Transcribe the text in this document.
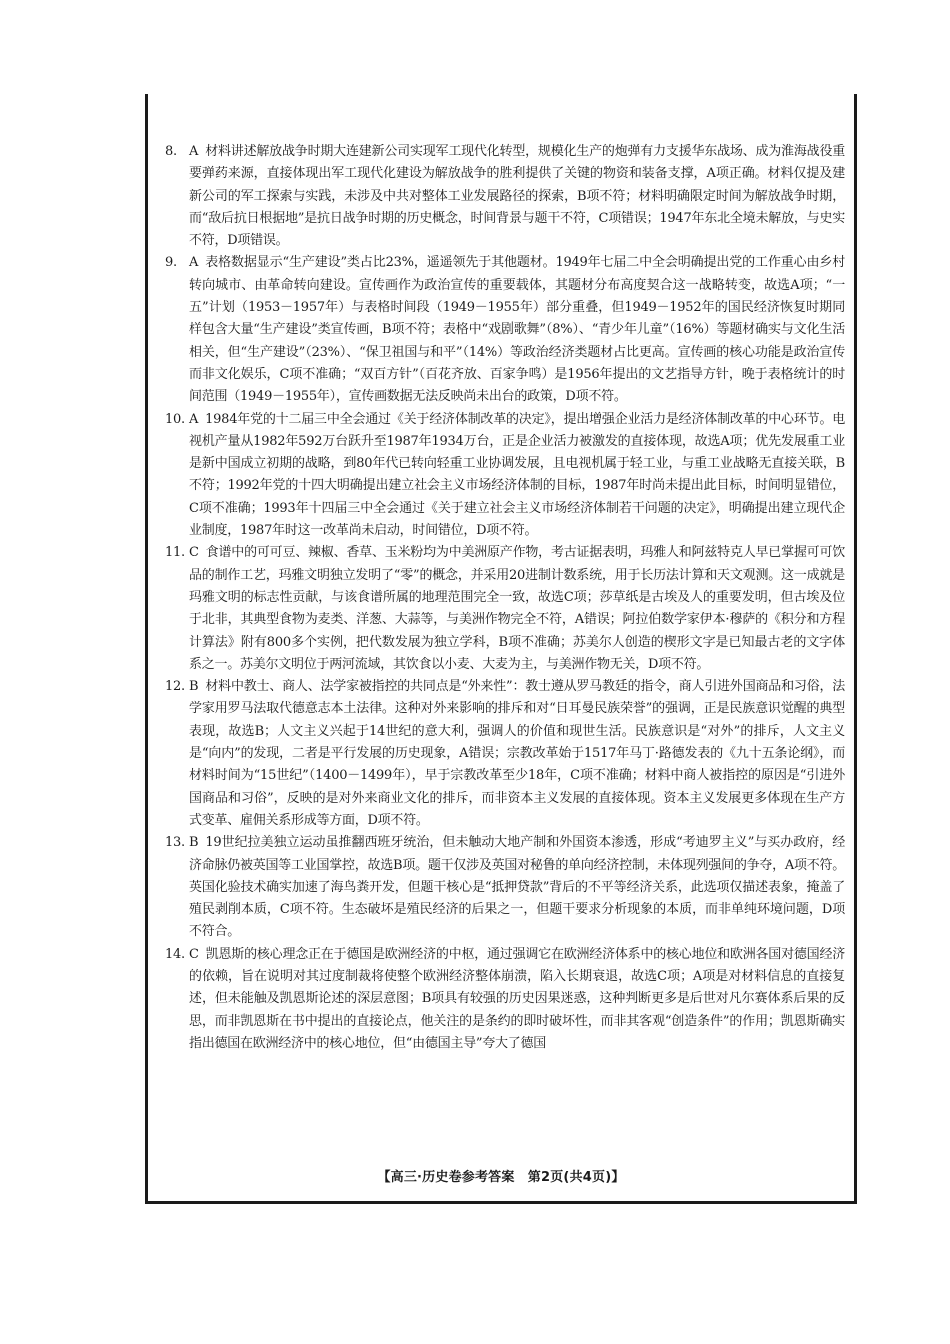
8. A 材料讲述解放战争时期大连建新公司实现军工现代化转型，规模化生产的炮弹有力支援华东战场、成为淮海战役重要弹药来源，直接体现出军工现代化建设为解放战争的胜利提供了关键的物资和装备支撑，A项正确。材料仅提及建新公司的军工探索与实践，未涉及中共对整体工业发展路径的探索，B项不符；材料明确限定时间为解放战争时期，而“敌后抗日根据地”是抗日战争时期的历史概念，时间背景与题干不符，C项错误；1947年东北全境未解放，与史实不符，D项错误。

9. A 表格数据显示“生产建设”类占比23%，遥遥领先于其他题材。1949年七届二中全会明确提出党的工作重心由乡村转向城市、由革命转向建设。宣传画作为政治宣传的重要载体，其题材分布高度契合这一战略转变，故选A项；“一五”计划（1953－1957年）与表格时间段（1949－1955年）部分重叠，但1949－1952年的国民经济恢复时期同样包含大量“生产建设”类宣传画，B项不符；表格中“戏剧歌舞”（8%）、“青少年儿童”（16%）等题材确实与文化生活相关，但“生产建设”（23%）、“保卫祖国与和平”（14%）等政治经济类题材占比更高。宣传画的核心功能是政治宣传而非文化娱乐，C项不准确；“双百方针”（百花齐放、百家争鸣）是1956年提出的文艺指导方针，晚于表格统计的时间范围（1949－1955年），宣传画数据无法反映尚未出台的政策，D项不符。

10. A 1984年党的十二届三中全会通过《关于经济体制改革的决定》，提出增强企业活力是经济体制改革的中心环节。电视机产量从1982年592万台跃升至1987年1934万台，正是企业活力被激发的直接体现，故选A项；优先发展重工业是新中国成立初期的战略，到80年代已转向轻重工业协调发展，且电视机属于轻工业，与重工业战略无直接关联，B不符；1992年党的十四大明确提出建立社会主义市场经济体制的目标，1987年时尚未提出此目标，时间明显错位，C项不准确；1993年十四届三中全会通过《关于建立社会主义市场经济体制若干问题的决定》，明确提出建立现代企业制度，1987年时这一改革尚未启动，时间错位，D项不符。

11. C 食谱中的可可豆、辣椒、香草、玉米粉均为中美洲原产作物，考古证据表明，玛雅人和阿兹特克人早已掌握可可饮品的制作工艺，玛雅文明独立发明了“零”的概念，并采用20进制计数系统，用于长历法计算和天文观测。这一成就是玛雅文明的标志性贡献，与该食谱所属的地理范围完全一致，故选C项；莎草纸是古埃及人的重要发明，但古埃及位于北非，其典型食物为麦类、洋葱、大蒜等，与美洲作物完全不符，A错误；阿拉伯数学家伊本·穆萨的《积分和方程计算法》附有800多个实例，把代数发展为独立学科，B项不准确；苏美尔人创造的楔形文字是已知最古老的文字体系之一。苏美尔文明位于两河流域，其饮食以小麦、大麦为主，与美洲作物无关，D项不符。

12. B 材料中教士、商人、法学家被指控的共同点是“外来性”：教士遵从罗马教廷的指令，商人引进外国商品和习俗，法学家用罗马法取代德意志本土法律。这种对外来影响的排斥和对“日耳曼民族荣誉”的强调，正是民族意识觉醒的典型表现，故选B；人文主义兴起于14世纪的意大利，强调人的价值和现世生活。民族意识是“对外”的排斥，人文主义是“向内”的发现，二者是平行发展的历史现象，A错误；宗教改革始于1517年马丁·路德发表的《九十五条论纲》，而材料时间为“15世纪”（1400－1499年），早于宗教改革至少18年，C项不准确；材料中商人被指控的原因是“引进外国商品和习俗”，反映的是对外来商业文化的排斥，而非资本主义发展的直接体现。资本主义发展更多体现在生产方式变革、雇佣关系形成等方面，D项不符。

13. B 19世纪拉美独立运动虽推翻西班牙统治，但未触动大地产制和外国资本渗透，形成“考迪罗主义”与买办政府，经济命脉仍被英国等工业国掌控，故选B项。题干仅涉及英国对秘鲁的单向经济控制，未体现列强间的争夺，A项不符。英国化验技术确实加速了海鸟粪开发，但题干核心是“抵押贷款”背后的不平等经济关系，此选项仅描述表象，掩盖了殖民剥削本质，C项不符。生态破坏是殖民经济的后果之一，但题干要求分析现象的本质，而非单纯环境问题，D项不符合。

14. C 凯恩斯的核心理念正在于德国是欧洲经济的中枢，通过强调它在欧洲经济体系中的核心地位和欧洲各国对德国经济的依赖，旨在说明对其过度制裁将使整个欧洲经济整体崩溃，陷入长期衰退，故选C项；A项是对材料信息的直接复述，但未能触及凯恩斯论述的深层意图；B项具有较强的历史因果迷惑，这种判断更多是后世对凡尔赛体系后果的反思，而非凯恩斯在书中提出的直接论点，他关注的是条约的即时破坏性，而非其客观“创造条件”的作用；凯恩斯确实指出德国在欧洲经济中的核心地位，但“由德国主导”夸大了德国

【高三·历史卷参考答案　第2页(共4页)】
